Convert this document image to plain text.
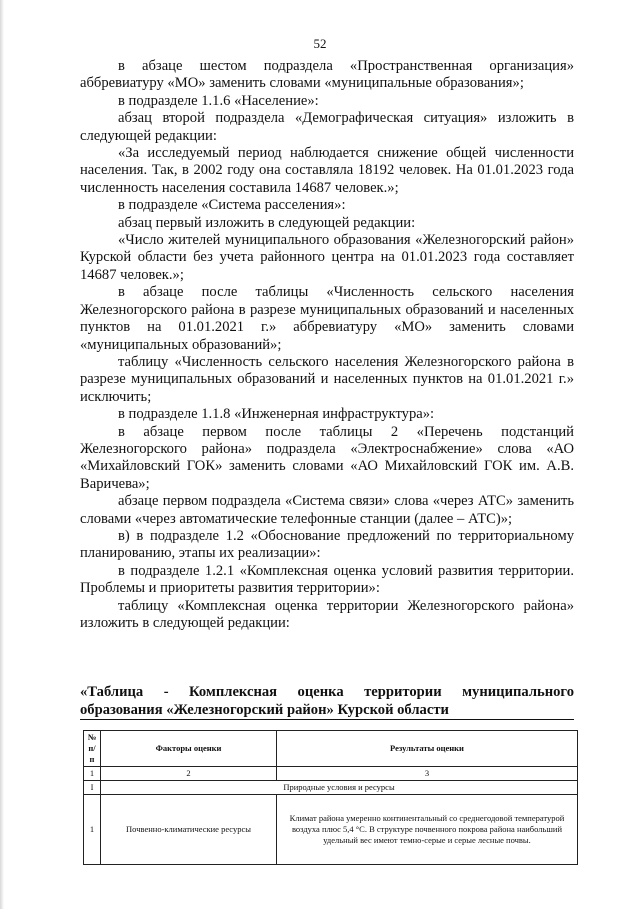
52

в абзаце шестом подраздела «Пространственная организация» аббревиатуру «МО» заменить словами «муниципальные образования»;

в подразделе 1.1.6 «Население»:

абзац второй подраздела «Демографическая ситуация» изложить в следующей редакции:

«За исследуемый период наблюдается снижение общей численности населения. Так, в 2002 году она составляла 18192 человек. На 01.01.2023 года численность населения составила 14687 человек.»;

в подразделе «Система расселения»:

абзац первый изложить в следующей редакции:

«Число жителей муниципального образования «Железногорский район» Курской области без учета районного центра на 01.01.2023 года составляет 14687 человек.»;

в абзаце после таблицы «Численность сельского населения Железногорского района в разрезе муниципальных образований и населенных пунктов на 01.01.2021 г.» аббревиатуру «МО» заменить словами «муниципальных образований»;

таблицу «Численность сельского населения Железногорского района в разрезе муниципальных образований и населенных пунктов на 01.01.2021 г.» исключить;

в подразделе 1.1.8 «Инженерная инфраструктура»:

в абзаце первом после таблицы 2 «Перечень подстанций Железногорского района» подраздела «Электроснабжение» слова «АО «Михайловский ГОК» заменить словами «АО Михайловский ГОК им. А.В. Варичева»;

абзаце первом подраздела «Система связи» слова «через АТС» заменить словами «через автоматические телефонные станции (далее – АТС)»;

в) в подразделе 1.2 «Обоснование предложений по территориальному планированию, этапы их реализации»:

в подразделе 1.2.1 «Комплексная оценка условий развития территории. Проблемы и приоритеты развития территории»:

таблицу «Комплексная оценка территории Железногорского района» изложить в следующей редакции:

«Таблица - Комплексная оценка территории муниципального образования «Железногорский район» Курской области
№ п/п	Факторы оценки	Результаты оценки
1	2	3
I	Природные условия и ресурсы	
1	Почвенно-климатические ресурсы	Климат района умеренно континентальный со среднегодовой температурой воздуха плюс 5,4 °С. В структуре почвенного покрова района наибольший удельный вес имеют темно-серые и серые лесные почвы.
